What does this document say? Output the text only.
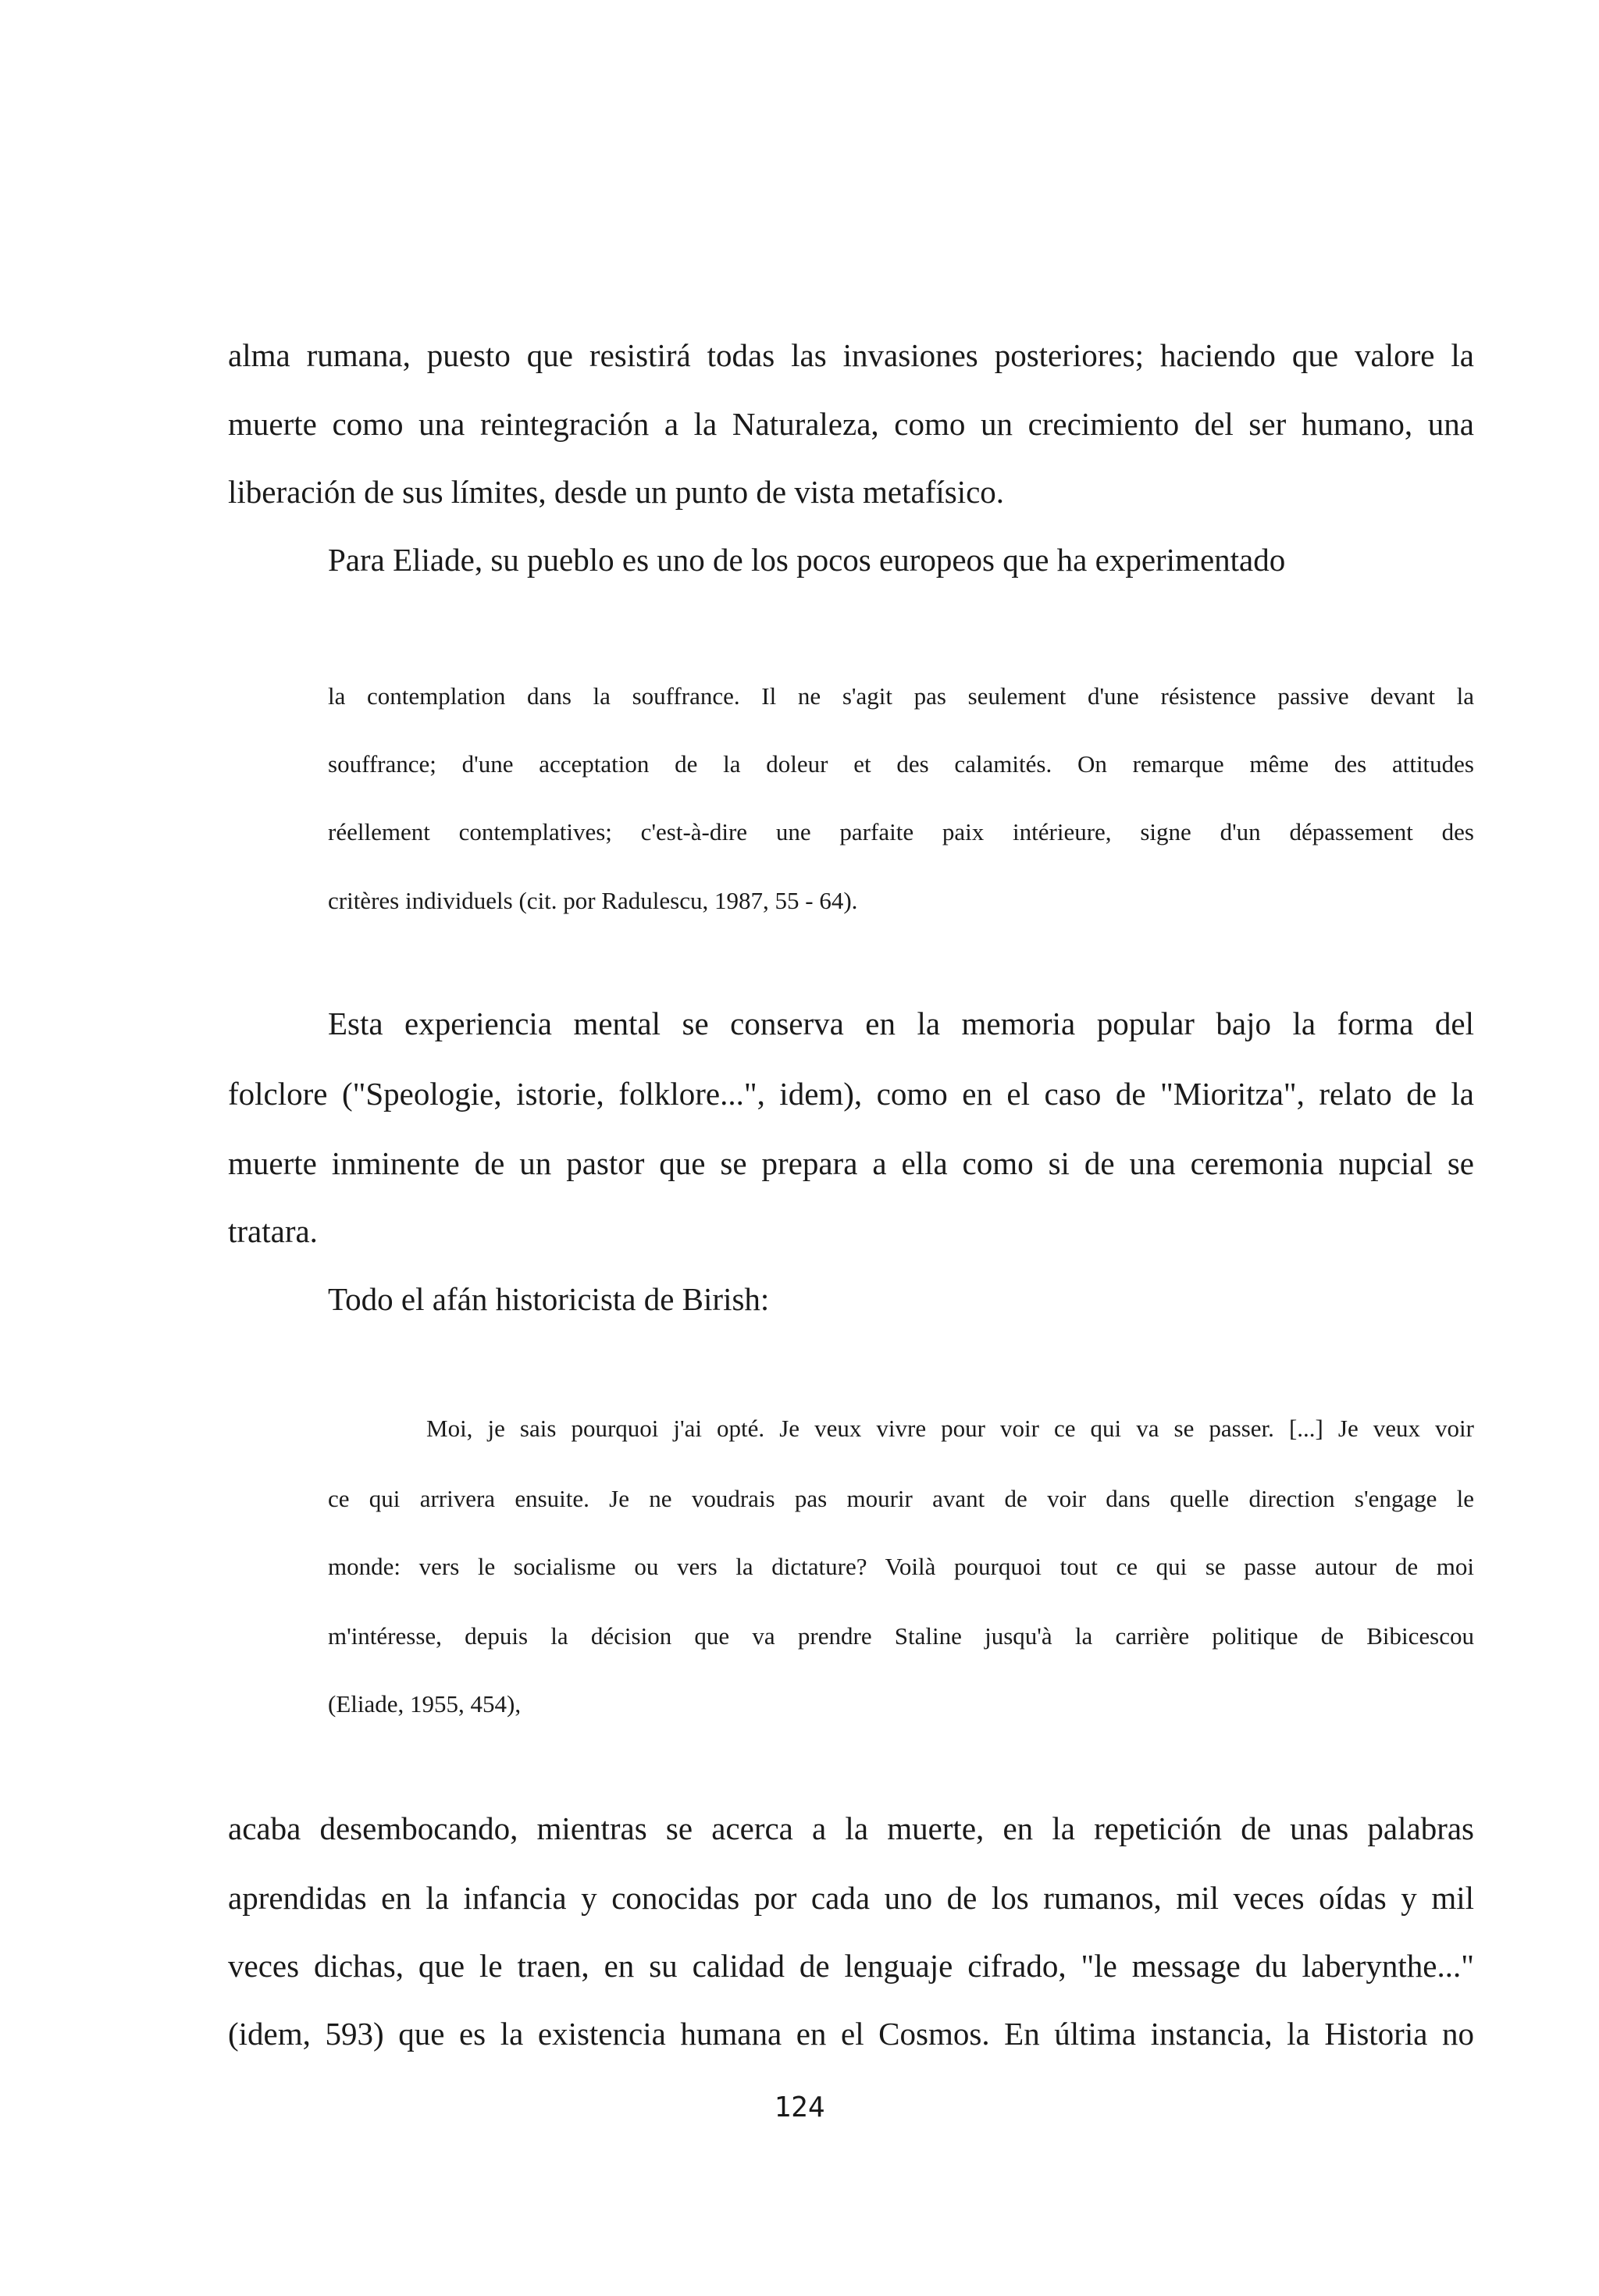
alma rumana, puesto que resistirá todas las invasiones posteriores; haciendo que valore la

muerte como una reintegración a la Naturaleza, como un crecimiento del ser humano, una

liberación de sus límites, desde un punto de vista metafísico.

Para Eliade, su pueblo es uno de los pocos europeos que ha experimentado

la contemplation dans la souffrance. Il ne s'agit pas seulement d'une résistence passive devant la

souffrance; d'une acceptation de la doleur et des calamités. On remarque même des attitudes

réellement contemplatives; c'est-à-dire une parfaite paix intérieure, signe d'un dépassement des

critères individuels (cit. por Radulescu, 1987, 55 - 64).

Esta experiencia mental se conserva en la memoria popular bajo la forma del

folclore ("Speologie, istorie, folklore...", idem), como en el caso de "Mioritza", relato de la

muerte inminente de un pastor que se prepara a ella como si de una ceremonia nupcial se

tratara.

Todo el afán historicista de Birish:

Moi, je sais pourquoi j'ai opté. Je veux vivre pour voir ce qui va se passer. [...] Je veux voir

ce qui arrivera ensuite. Je ne voudrais pas mourir avant de voir dans quelle direction s'engage le

monde: vers le socialisme ou vers la dictature? Voilà pourquoi tout ce qui se passe autour de moi

m'intéresse, depuis la décision que va prendre Staline jusqu'à la carrière politique de Bibicescou

(Eliade, 1955, 454),

acaba desembocando, mientras se acerca a la muerte, en la repetición de unas palabras

aprendidas en la infancia y conocidas por cada uno de los rumanos, mil veces oídas y mil

veces dichas, que le traen, en su calidad de lenguaje cifrado, "le message du laberynthe..."

(idem, 593) que es la existencia humana en el Cosmos. En última instancia, la Historia no

124
